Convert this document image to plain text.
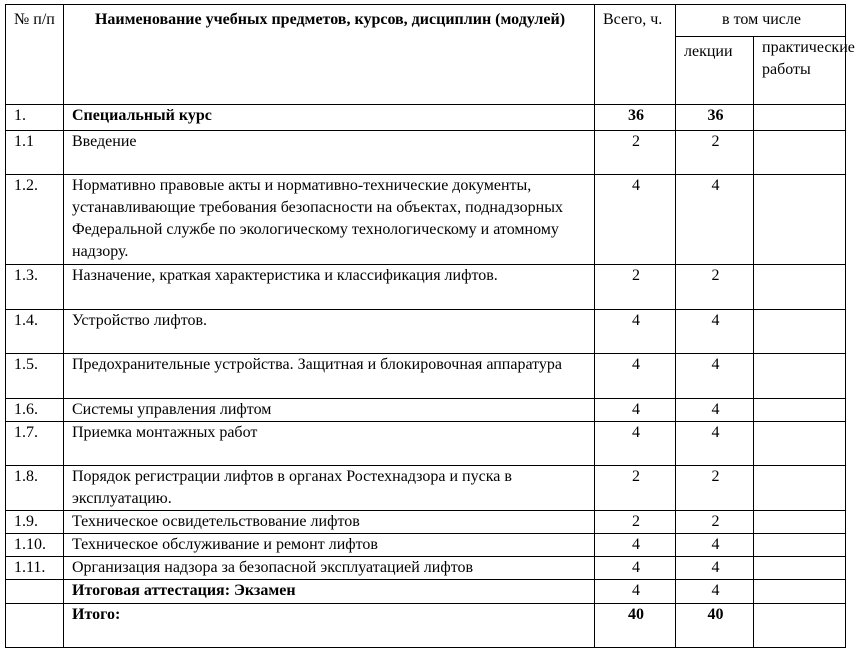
№ п/п	Наименование учебных предметов, курсов, дисциплин (модулей)	Всего, ч.	в том числе	
			лекции	практические работы
1.	Специальный курс	36	36	
1.1	Введение	2	2	
1.2.	Нормативно правовые акты и нормативно-технические документы, устанавливающие требования безопасности на объектах, поднадзорных Федеральной службе по экологическому технологическому и атомному надзору.	4	4	
1.3.	Назначение, краткая характеристика и классификация лифтов.	2	2	
1.4.	Устройство лифтов.	4	4	
1.5.	Предохранительные устройства. Защитная и блокировочная аппаратура	4	4	
1.6.	Системы управления лифтом	4	4	
1.7.	Приемка монтажных работ	4	4	
1.8.	Порядок регистрации лифтов в органах Ростехнадзора и пуска в эксплуатацию.	2	2	
1.9.	Техническое освидетельствование лифтов	2	2	
1.10.	Техническое обслуживание и ремонт лифтов	4	4	
1.11.	Организация надзора за безопасной эксплуатацией лифтов	4	4	
	Итоговая аттестация: Экзамен	4	4	
	Итого:	40	40	
